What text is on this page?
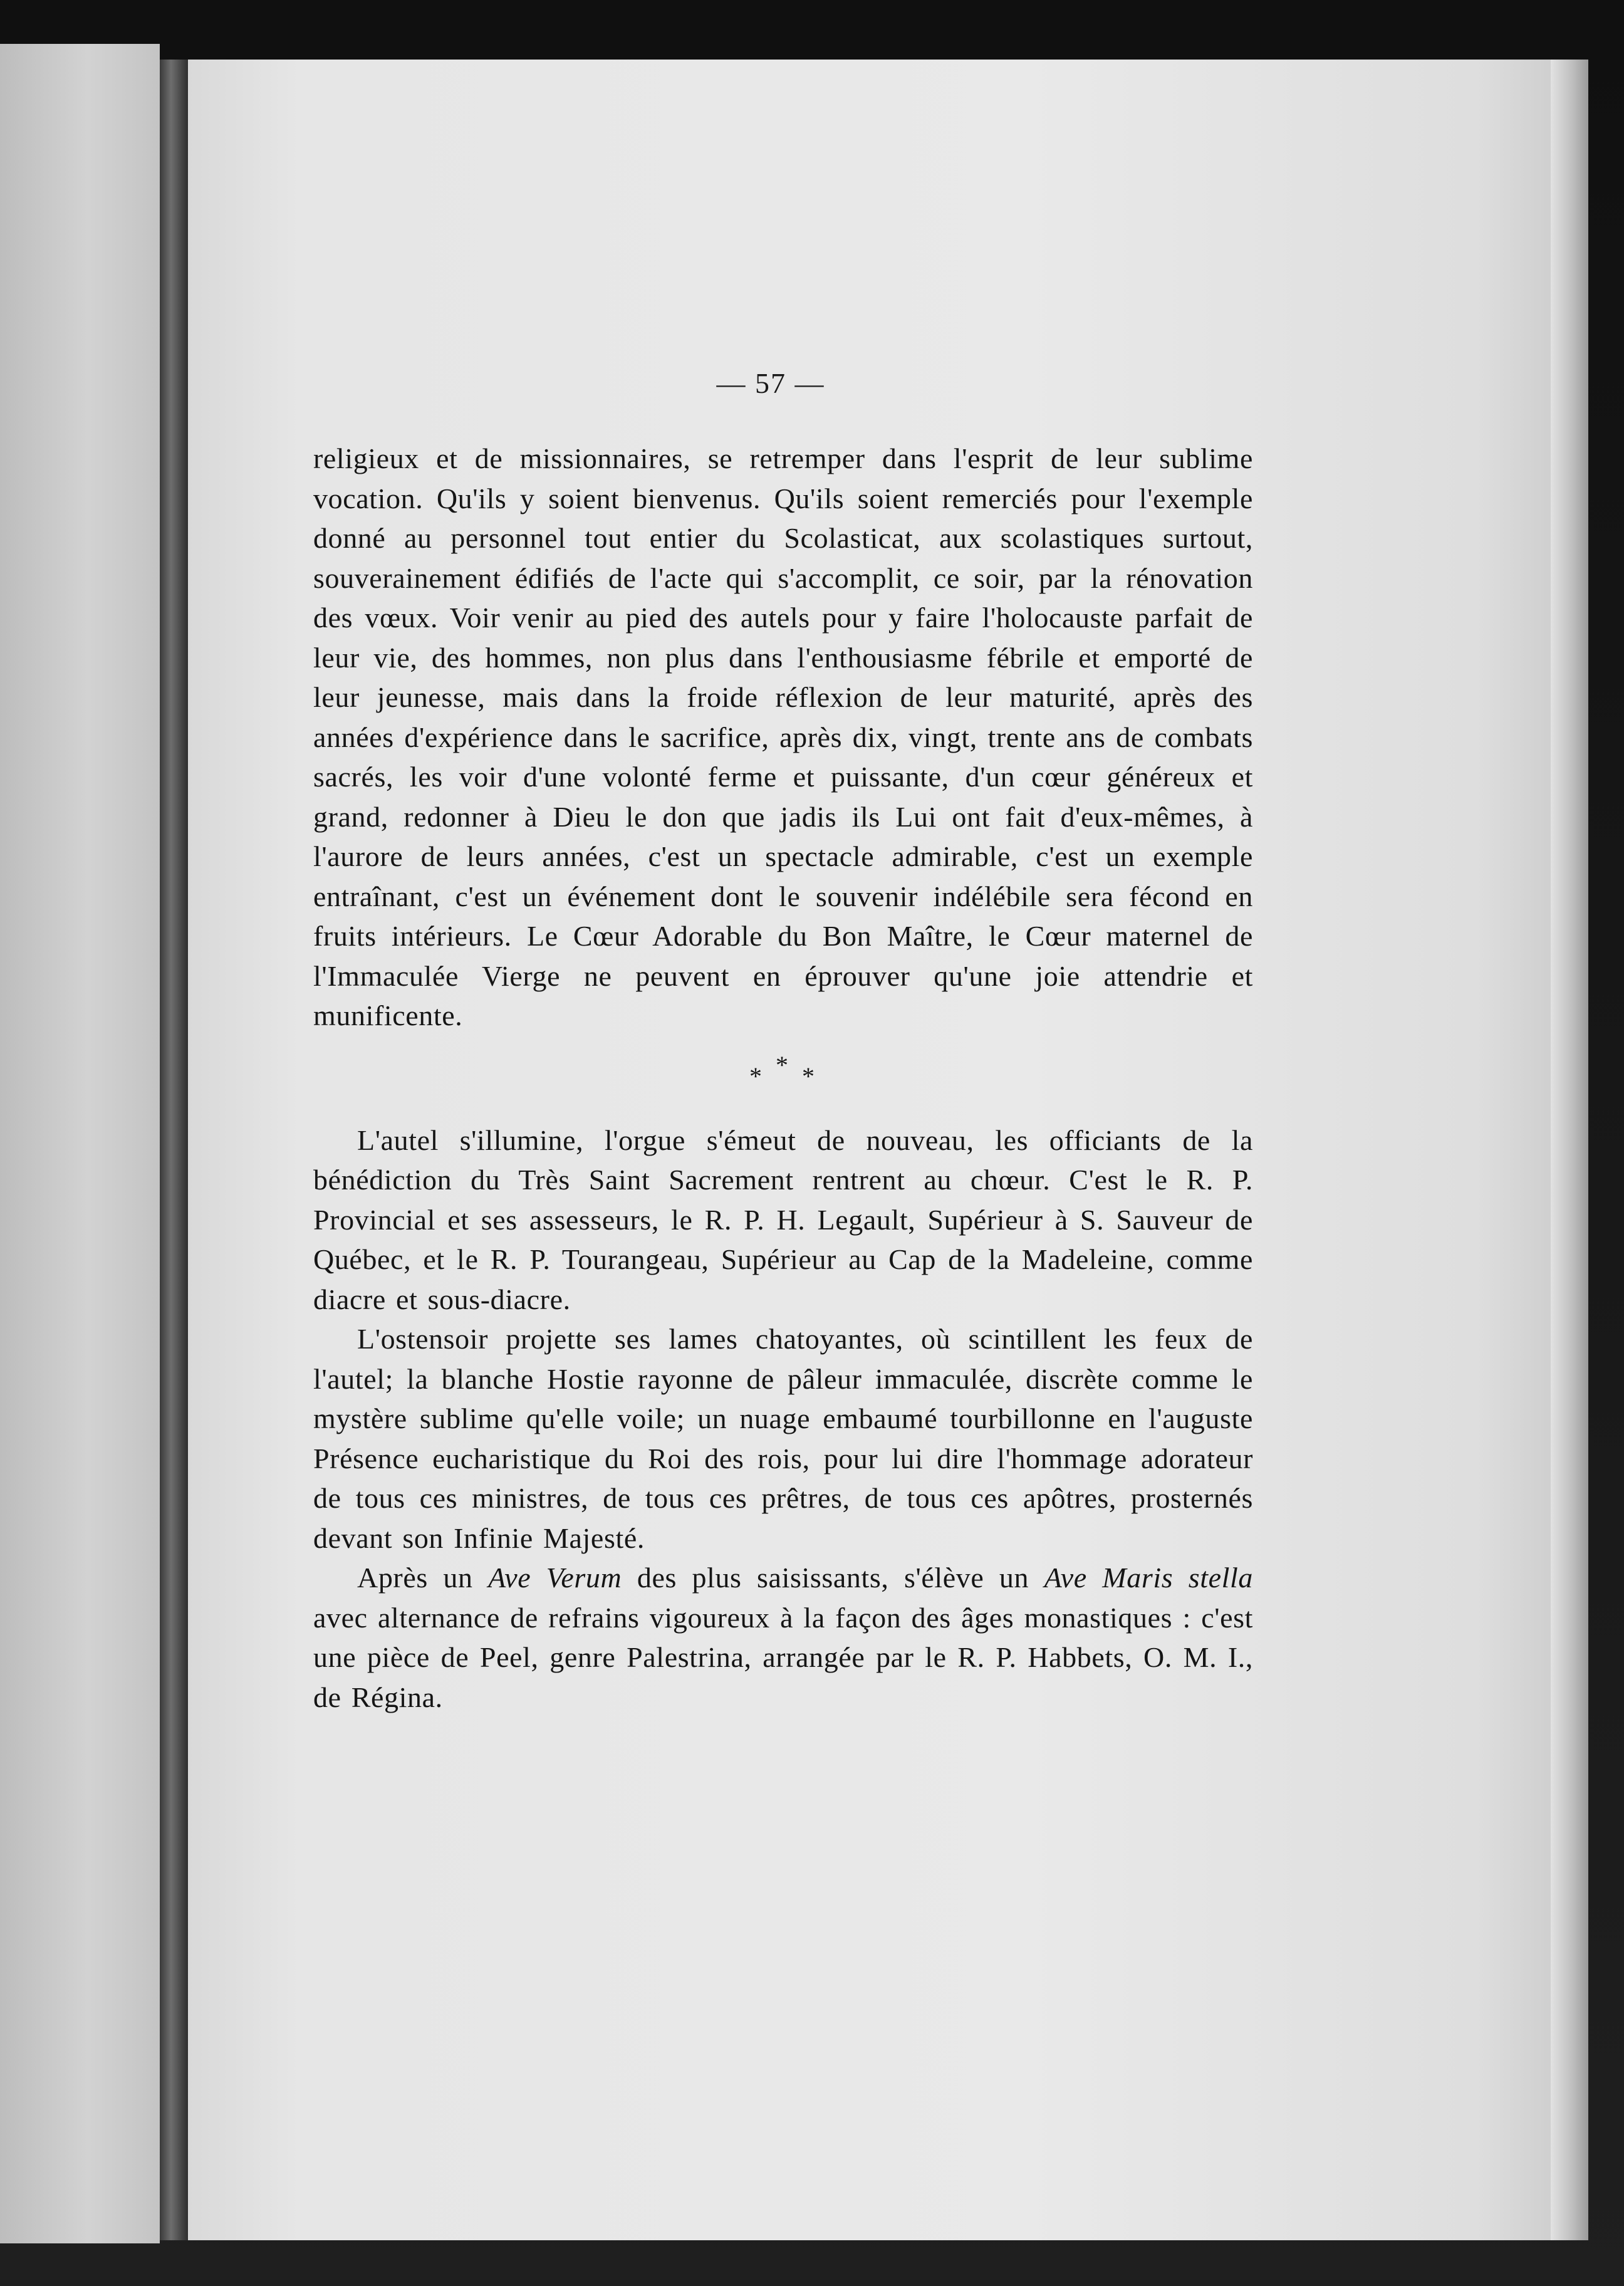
— 57 —

religieux et de missionnaires, se retremper dans l'esprit de leur sublime vocation. Qu'ils y soient bienvenus. Qu'ils soient remerciés pour l'exemple donné au personnel tout entier du Scolasticat, aux scolastiques surtout, souverainement édifiés de l'acte qui s'accomplit, ce soir, par la rénovation des vœux. Voir venir au pied des autels pour y faire l'holocauste parfait de leur vie, des hommes, non plus dans l'enthousiasme fébrile et emporté de leur jeunesse, mais dans la froide réflexion de leur maturité, après des années d'expérience dans le sacrifice, après dix, vingt, trente ans de combats sacrés, les voir d'une volonté ferme et puissante, d'un cœur généreux et grand, redonner à Dieu le don que jadis ils Lui ont fait d'eux-mêmes, à l'aurore de leurs années, c'est un spectacle admirable, c'est un exemple entraînant, c'est un événement dont le souvenir indélébile sera fécond en fruits intérieurs. Le Cœur Adorable du Bon Maître, le Cœur maternel de l'Immaculée Vierge ne peuvent en éprouver qu'une joie attendrie et munificente.

* * *

L'autel s'illumine, l'orgue s'émeut de nouveau, les officiants de la bénédiction du Très Saint Sacrement rentrent au chœur. C'est le R. P. Provincial et ses assesseurs, le R. P. H. Legault, Supérieur à S. Sauveur de Québec, et le R. P. Tourangeau, Supérieur au Cap de la Madeleine, comme diacre et sous-diacre.

L'ostensoir projette ses lames chatoyantes, où scintillent les feux de l'autel; la blanche Hostie rayonne de pâleur immaculée, discrète comme le mystère sublime qu'elle voile; un nuage embaumé tourbillonne en l'auguste Présence eucharistique du Roi des rois, pour lui dire l'hommage adorateur de tous ces ministres, de tous ces prêtres, de tous ces apôtres, prosternés devant son Infinie Majesté.

Après un Ave Verum des plus saisissants, s'élève un Ave Maris stella avec alternance de refrains vigoureux à la façon des âges monastiques : c'est une pièce de Peel, genre Palestrina, arrangée par le R. P. Habbets, O. M. I., de Régina.
